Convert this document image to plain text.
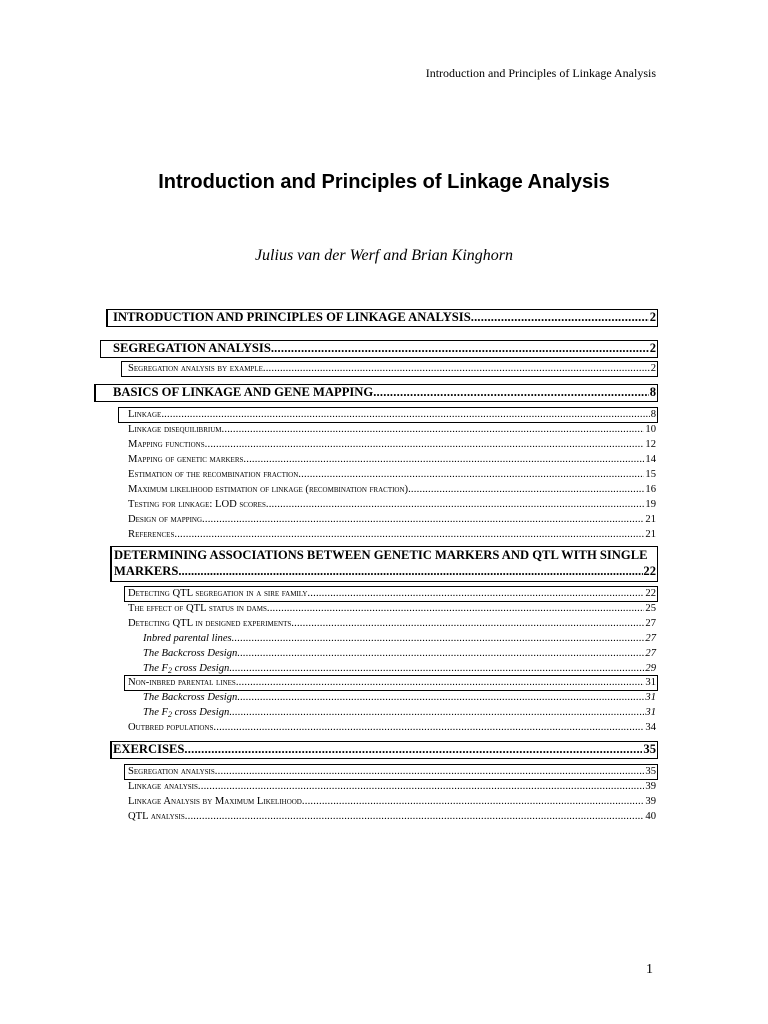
Introduction and Principles of Linkage Analysis
Introduction and Principles of Linkage Analysis
Julius van der Werf and Brian Kinghorn
INTRODUCTION AND PRINCIPLES OF LINKAGE ANALYSIS .....	2
SEGREGATION ANALYSIS .....	2
Segregation analysis by example .....	2
BASICS OF LINKAGE AND GENE MAPPING .....	8
Linkage .....	8
Linkage disequilibrium .....	10
Mapping functions .....	12
Mapping of genetic markers .....	14
Estimation of the recombination fraction .....	15
Maximum likelihood estimation of linkage (recombination fraction) .....	16
Testing for linkage: LOD scores .....	19
Design of mapping .....	21
References .....	21
DETERMINING ASSOCIATIONS BETWEEN GENETIC MARKERS AND QTL WITH SINGLE
MARKERS .....	22
Detecting QTL segregation in a sire family .....	22
The effect of QTL status in dams .....	25
Detecting QTL in designed experiments .....	27
Inbred parental lines .....	27
The Backcross Design .....	27
The $F_2$ cross Design .....	29
Non-inbred parental lines .....	31
The Backcross Design .....	31
The $F_2$ cross Design .....	31
Outbred populations .....	34
EXERCISES .....	35
Segregation analysis .....	35
Linkage analysis .....	39
Linkage Analysis by Maximum Likelihood .....	39
QTL analysis .....	40
1
